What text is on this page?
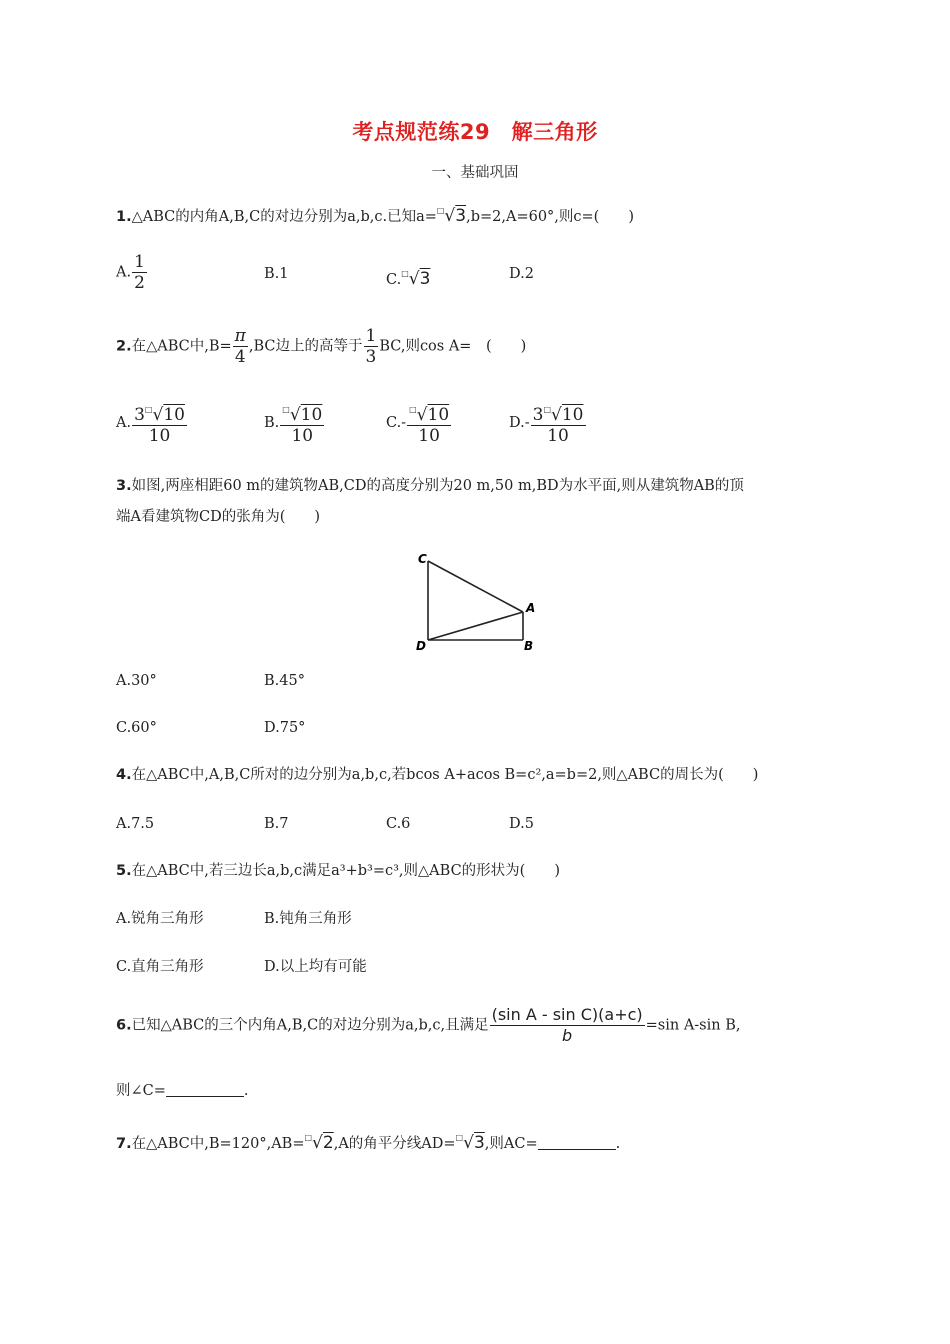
考点规范练29　解三角形
一、基础巩固
1.△ABC的内角A,B,C的对边分别为a,b,c.已知a=□√3,b=2,A=60°,则c=(　　)
A. $\frac{1}{2}$	B.1	C.□√3	D.2
2.在△ABC中$,B= \frac{\pi}{4} ,BC$边上的高等于 $\frac{1}{3}$ BC,则cos A=　(　　)
A. $\frac{3^□√10}{10}$	B. $\frac{^□√10}{10}$	$C.- \frac{^□√10}{10}$	$D.- \frac{3^□√10}{10}$
3.如图,两座相距60 m的建筑物AB,CD的高度分别为20 m,50 m,BD为水平面,则从建筑物AB的顶
端A看建筑物CD的张角为(　　)
C
A
D	B
A.30°	B.45°
C.60°	D.75°
4.在△ABC中,A,B,C所对的边分别为a,b,c,若bcos A+acos B=c²,a=b=2,则△ABC的周长为(　　)
A.7.5	B.7	C.6	D.5
5.在△ABC中,若三边长a,b,c满足a³+b³=c³,则△ABC的形状为(　　)
A.锐角三角形	B.钝角三角形
C.直角三角形	D.以上均有可能
6.已知△ABC的三个内角A,B,C的对边分别为a,b,c,且满足 $\frac{\text{(sin A - sin C)(a+c)}}{b} =\sin$ A-sin B,
则∠C=	.
7.在△ABC中,B=120°,AB=□√2,A的角平分线AD=□√3,则AC=	.
